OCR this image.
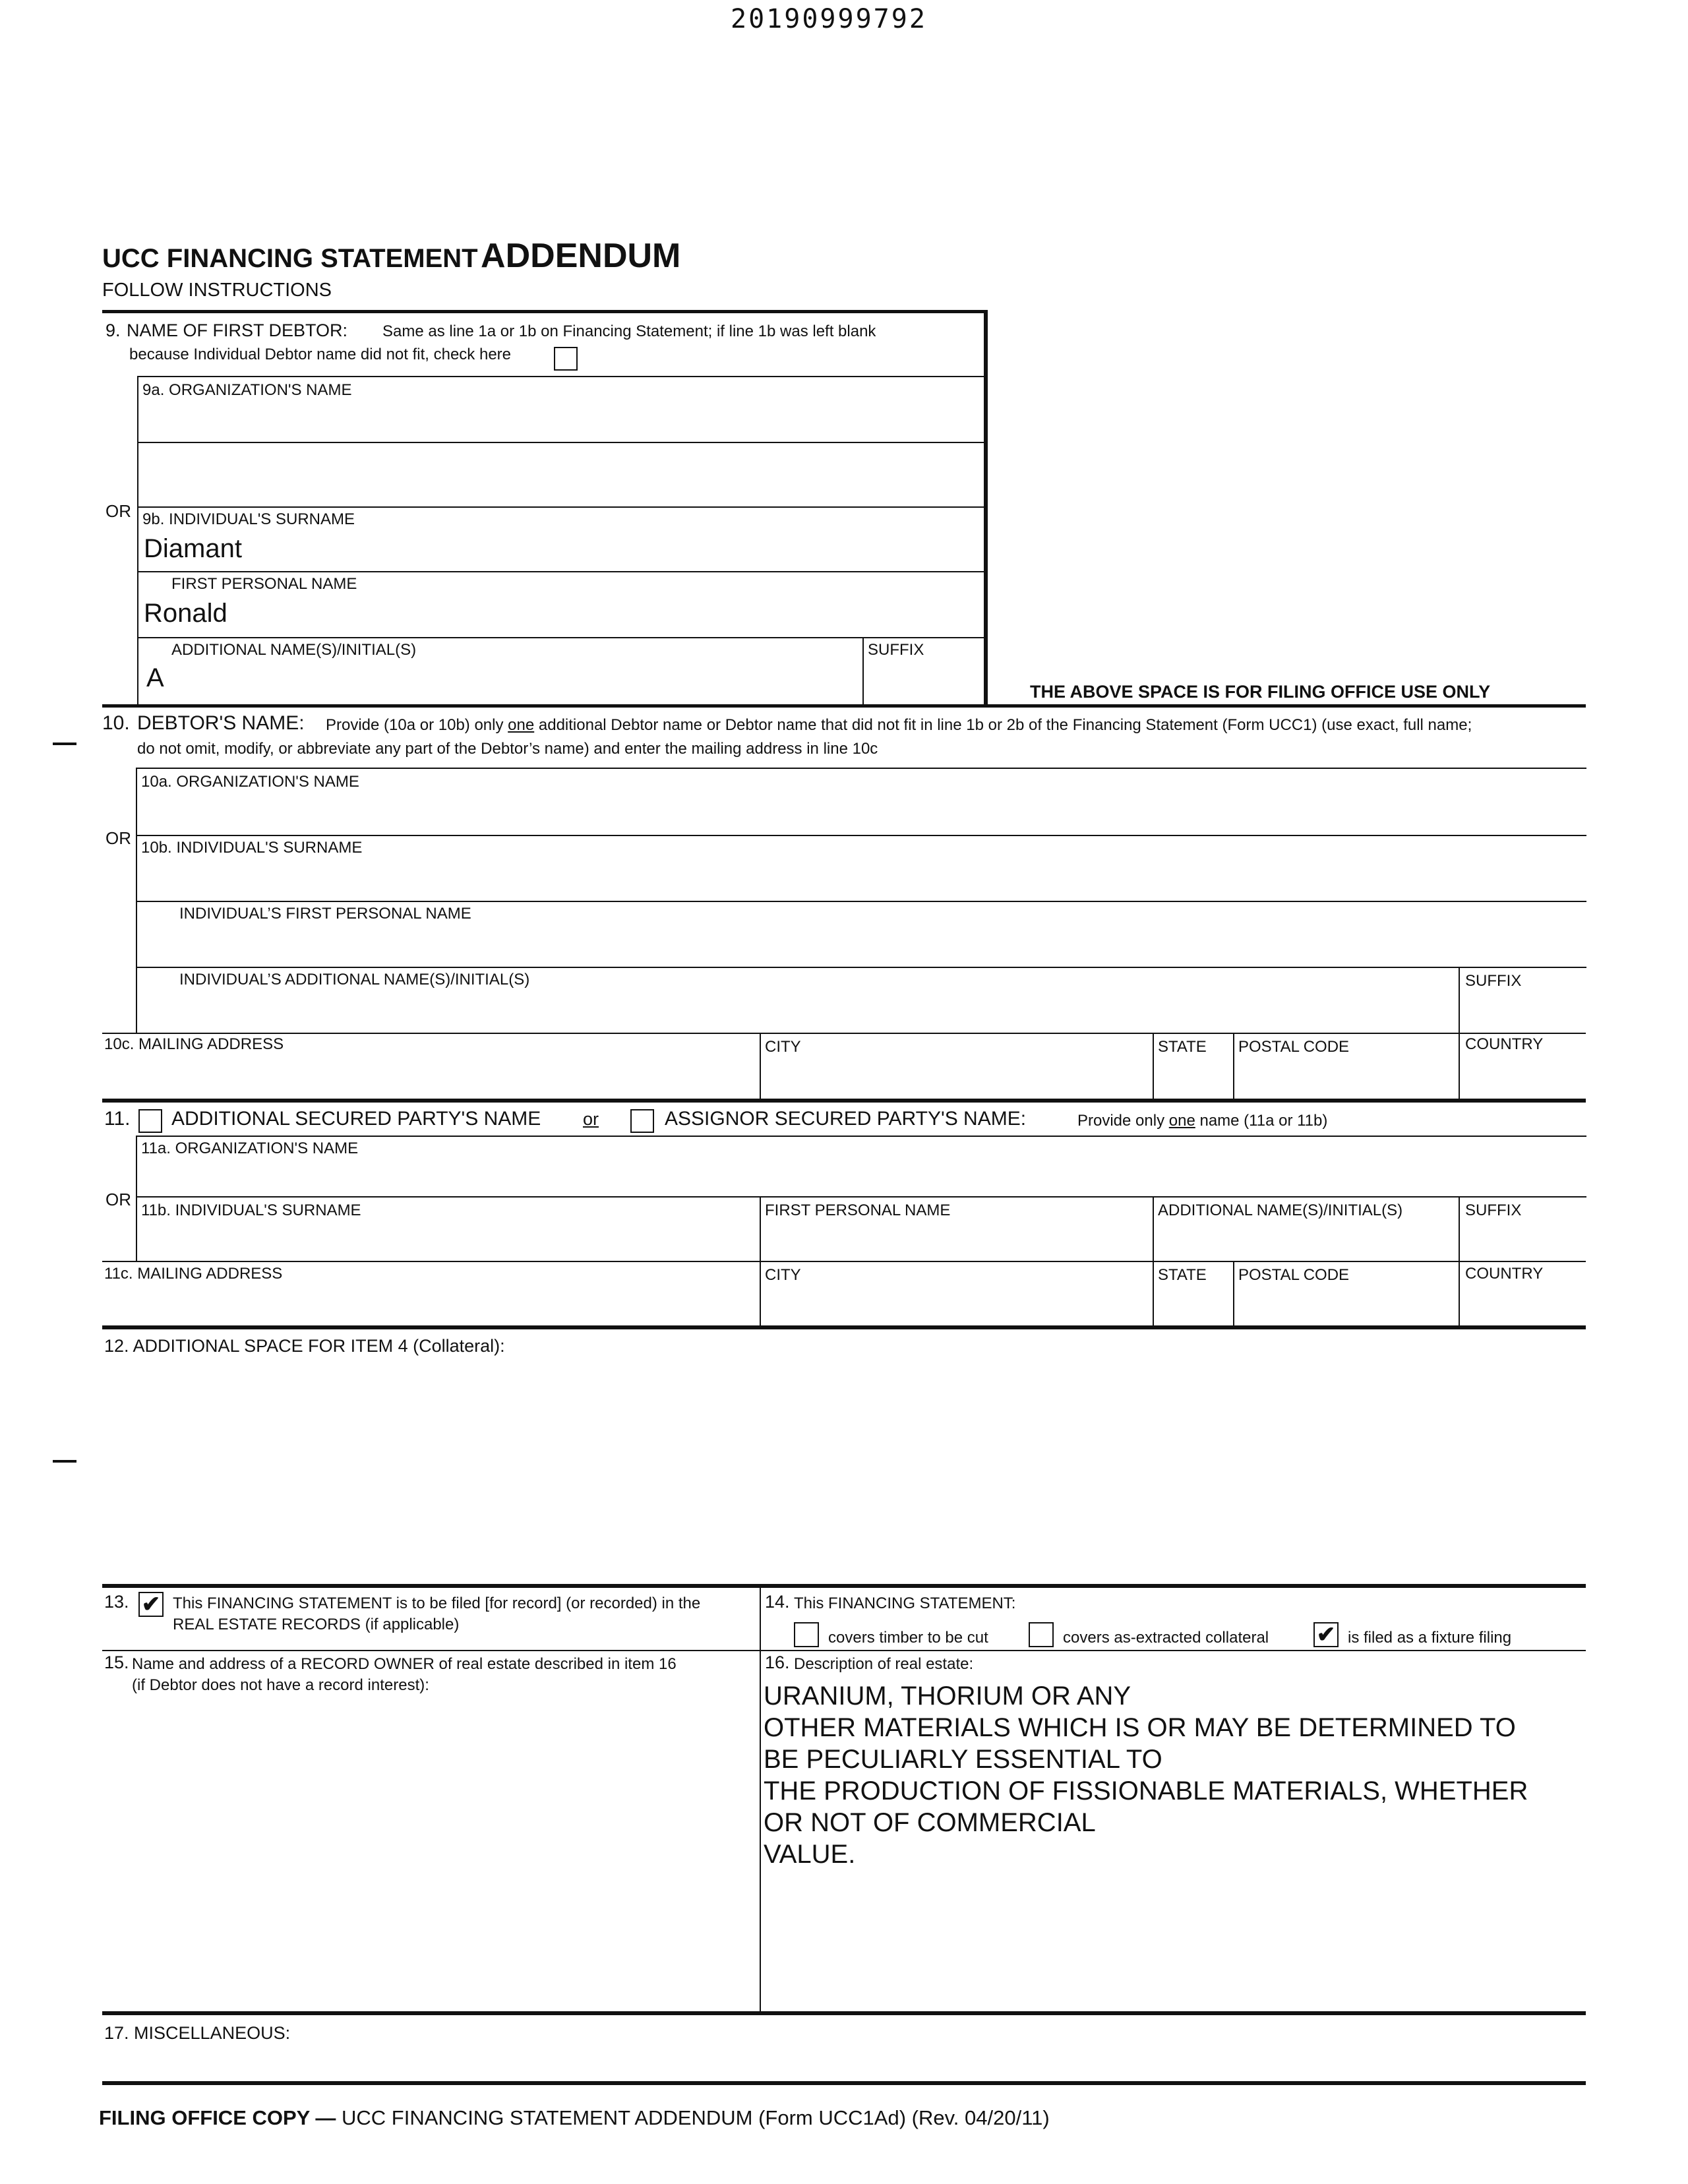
20190999792
UCC FINANCING STATEMENT ADDENDUM
FOLLOW INSTRUCTIONS
9. NAME OF FIRST DEBTOR: Same as line 1a or 1b on Financing Statement; if line 1b was left blank
because Individual Debtor name did not fit, check here
9a. ORGANIZATION'S NAME
OR 9b. INDIVIDUAL'S SURNAME
Diamant
FIRST PERSONAL NAME
Ronald
ADDITIONAL NAME(S)/INITIAL(S)
A
SUFFIX
THE ABOVE SPACE IS FOR FILING OFFICE USE ONLY
10. DEBTOR'S NAME: Provide (10a or 10b) only one additional Debtor name or Debtor name that did not fit in line 1b or 2b of the Financing Statement (Form UCC1) (use exact, full name;
do not omit, modify, or abbreviate any part of the Debtor’s name) and enter the mailing address in line 10c
10a. ORGANIZATION'S NAME
OR 10b. INDIVIDUAL'S SURNAME
INDIVIDUAL’S FIRST PERSONAL NAME
INDIVIDUAL’S ADDITIONAL NAME(S)/INITIAL(S)	SUFFIX
10c. MAILING ADDRESS	CITY	STATE POSTAL CODE	COUNTRY
11. ADDITIONAL SECURED PARTY'S NAME or	ASSIGNOR SECURED PARTY'S NAME:	Provide only one name (11a or 11b)
11a. ORGANIZATION'S NAME
OR
11b. INDIVIDUAL'S SURNAME	FIRST PERSONAL NAME	ADDITIONAL NAME(S)/INITIAL(S)	SUFFIX
11c. MAILING ADDRESS	CITY	STATE POSTAL CODE	COUNTRY
12. ADDITIONAL SPACE FOR ITEM 4 (Collateral):
13. ✔ This FINANCING STATEMENT is to be filed [for record] (or recorded) in the
REAL ESTATE RECORDS (if applicable)
14. This FINANCING STATEMENT:
covers timber to be cut	covers as-extracted collateral ✔ is filed as a fixture filing
15. Name and address of a RECORD OWNER of real estate described in item 16
(if Debtor does not have a record interest):
16. Description of real estate:
URANIUM, THORIUM OR ANY
OTHER MATERIALS WHICH IS OR MAY BE DETERMINED TO
BE PECULIARLY ESSENTIAL TO
THE PRODUCTION OF FISSIONABLE MATERIALS, WHETHER
OR NOT OF COMMERCIAL
VALUE.
17. MISCELLANEOUS:
FILING OFFICE COPY — UCC FINANCING STATEMENT ADDENDUM (Form UCC1Ad) (Rev. 04/20/11)
